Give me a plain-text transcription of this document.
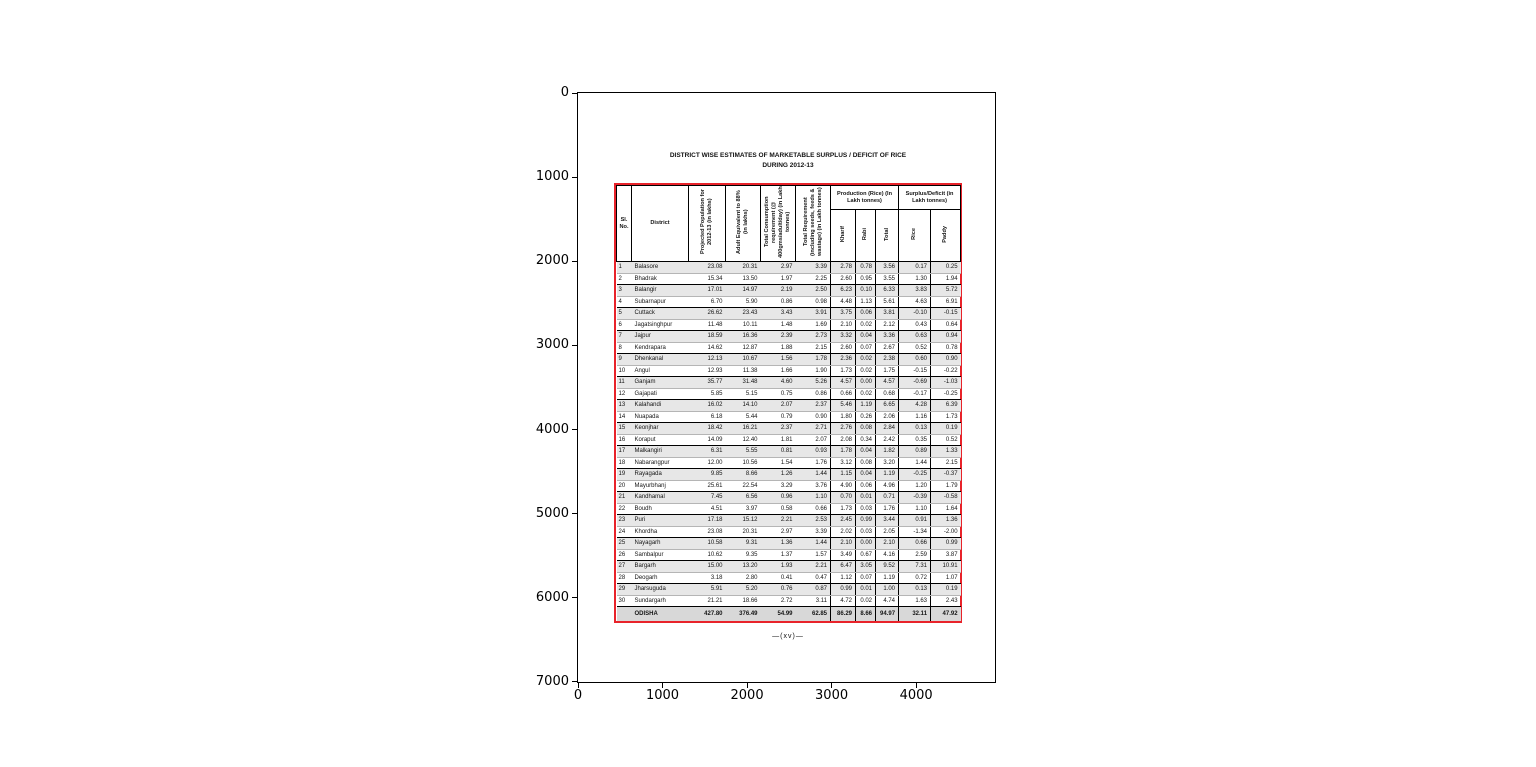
DISTRICT WISE ESTIMATES OF MARKETABLE SURPLUS / DEFICIT OF RICE
DURING 2012-13
Sl. No.	District	Projected Population for 2012-13 (in lakhs)	Adult Equivalent to 88% (in lakhs)	Total Consumption requirement (@ 400gms/adult/day) (in Lakh tonnes)	Total Requirement (including seeds, feeds & wastage) (in Lakh tonnes)	Production (Rice) (In Lakh tonnes)			Surplus/Deficit (in Lakh tonnes)	
						Kharif	Rabi	Total	Rice	Paddy
1	Balasore	23.08	20.31	2.97	3.39	2.78	0.78	3.56	0.17	0.25
2	Bhadrak	15.34	13.50	1.97	2.25	2.60	0.95	3.55	1.30	1.94
3	Balangir	17.01	14.97	2.19	2.50	6.23	0.10	6.33	3.83	5.72
4	Subarnapur	6.70	5.90	0.86	0.98	4.48	1.13	5.61	4.63	6.91
5	Cuttack	26.62	23.43	3.43	3.91	3.75	0.06	3.81	-0.10	-0.15
6	Jagatsinghpur	11.48	10.11	1.48	1.69	2.10	0.02	2.12	0.43	0.64
7	Jajpur	18.59	16.36	2.39	2.73	3.32	0.04	3.36	0.63	0.94
8	Kendrapara	14.62	12.87	1.88	2.15	2.60	0.07	2.67	0.52	0.78
9	Dhenkanal	12.13	10.67	1.56	1.78	2.36	0.02	2.38	0.60	0.90
10	Angul	12.93	11.38	1.66	1.90	1.73	0.02	1.75	-0.15	-0.22
11	Ganjam	35.77	31.48	4.60	5.26	4.57	0.00	4.57	-0.69	-1.03
12	Gajapati	5.85	5.15	0.75	0.86	0.66	0.02	0.68	-0.17	-0.25
13	Kalahandi	16.02	14.10	2.07	2.37	5.46	1.19	6.65	4.28	6.39
14	Nuapada	6.18	5.44	0.79	0.90	1.80	0.26	2.06	1.16	1.73
15	Keonjhar	18.42	16.21	2.37	2.71	2.76	0.08	2.84	0.13	0.19
16	Koraput	14.09	12.40	1.81	2.07	2.08	0.34	2.42	0.35	0.52
17	Malkangiri	6.31	5.55	0.81	0.93	1.78	0.04	1.82	0.89	1.33
18	Nabarangpur	12.00	10.56	1.54	1.76	3.12	0.08	3.20	1.44	2.15
19	Rayagada	9.85	8.66	1.26	1.44	1.15	0.04	1.19	-0.25	-0.37
20	Mayurbhanj	25.61	22.54	3.29	3.76	4.90	0.06	4.96	1.20	1.79
21	Kandhamal	7.45	6.56	0.96	1.10	0.70	0.01	0.71	-0.39	-0.58
22	Boudh	4.51	3.97	0.58	0.66	1.73	0.03	1.76	1.10	1.64
23	Puri	17.18	15.12	2.21	2.53	2.45	0.99	3.44	0.91	1.36
24	Khordha	23.08	20.31	2.97	3.39	2.02	0.03	2.05	-1.34	-2.00
25	Nayagarh	10.58	9.31	1.36	1.44	2.10	0.00	2.10	0.66	0.99
26	Sambalpur	10.62	9.35	1.37	1.57	3.49	0.67	4.16	2.59	3.87
27	Bargarh	15.00	13.20	1.93	2.21	6.47	3.05	9.52	7.31	10.91
28	Deogarh	3.18	2.80	0.41	0.47	1.12	0.07	1.19	0.72	1.07
29	Jharsuguda	5.91	5.20	0.76	0.87	0.99	0.01	1.00	0.13	0.19
30	Sundargarh	21.21	18.66	2.72	3.11	4.72	0.02	4.74	1.63	2.43
	ODISHA	427.80	376.49	54.99	62.85	86.29	8.66	94.97	32.11	47.92
—(xv)—
0
1000
2000
3000
4000
5000
6000
7000
0	1000	2000	3000	4000
